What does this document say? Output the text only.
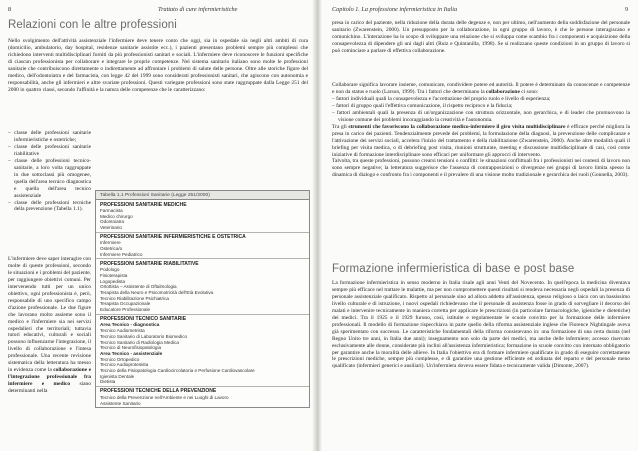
8	Trattato di cure infermieristiche
Relazioni con le altre professioni
Nello svolgimento dell'attività assistenziale l'infermiere deve tenere conto che oggi, sia in ospedale sia negli altri ambiti di cura (domicilio, ambulatorio, day hospital, residenze sanitarie assistite ecc.), i pazienti presentano problemi sempre più complessi che richiedono interventi multidisciplinari forniti da più professionisti sanitari e sociali. L'infermiere deve riconoscere le funzioni specifiche di ciascun professionista per collaborare e integrare le proprie competenze. Nel sistema sanitario italiano sono molte le professioni sanitarie che contribuiscono direttamente o indirettamente ad affrontare i problemi di salute delle persone. Oltre alle storiche figure del medico, dell'odontoiatra e del farmacista, con legge 42 del 1999 sono considerati professionisti sanitari, che agiscono con autonomia e responsabilità, anche gli infermieri e altre svariate professioni. Questi variegate professioni sono state raggruppate dalla Legge 251 del 2000 in quattro classi, secondo l'affinità e la natura delle competenze che le caratterizzano:
– classe delle professioni sanitarie infermieristiche e ostetriche;
– classe delle professioni sanitarie riabilitative
– classe delle professioni tecnico-sanitarie, a loro volta raggruppate in due sottoclassi più omogenee, quella dell'area tecnico diagnostica e quella dell'area tecnico assistenziale
– classe delle professioni tecniche della prevenzione (Tabella 1.1).
L'infermiere deve saper interagire con molte di queste professioni, secondo le situazioni e i problemi del paziente, per raggiungere obiettivi comuni. Per intervenendo tutti per un unico obiettivo, ogni professionista è, però, responsabile di uno specifico campo d'azione professionale. Le due figure che lavorano molto assieme sono il medico e l'infermiere sia nei servizi ospedalieri che territoriali; tuttavia tutori educativi, culturali e sociali possono influenzarne l'integrazione, il livello di collaborazione e l'intesa professionale. Una recente revisione sistematica della letteratura ha messo in evidenza come la collaborazione e l'integrazione professionale fra infermiere e medico siano determinanti nella
Tabella 1.1 Professioni Sanitarie (Legge 251/2000)
PROFESSIONI SANITARIE MEDICHE
Farmacista
Medico chirurgo
Odontoiatra
Veterinario
PROFESSIONI SANITARIE INFERMIERISTICHE E OSTETRICA
Infermiere
Ostetrica/o
Infermiere Pediatrico
PROFESSIONI SANITARIE RIABILITATIVE
Podologo
Fisioterapista
Logopedista
Ortottista – Assistente di Oftalmologia
Terapista della Neuro e Psicomotricità dell'Età Evolutiva
Tecnico Riabilitazione Psichiatrica
Terapista Occupazionale
Educatore Professionale
PROFESSIONI TECNICO SANITARIE
Area Tecnico - diagnostica
Tecnico Audiometrista
Tecnico Sanitario di Laboratorio Biomedico
Tecnico Sanitario di Radiologia Medica
Tecnico di Neurofisiopatologia
Area Tecnico - assistenziale
Tecnico Ortopedico
Tecnico Audioprotesista
Tecnico della Fisiopatologia Cardiocircolatoria e Perfusione Cardiovascolare
Igienista Dentale
Dietista
PROFESSIONI TECNICHE DELLA PREVENZIONE
Tecnico della Prevenzione nell'Ambiente e nei Luoghi di Lavoro
Assistente Sanitario
Capitolo 1. La professione infermieristica in Italia	9
presa in carico del paziente, nella riduzione della durata delle degenze e, non per ultimo, nell'aumento della soddisfazione del personale sanitario (Zwarenstein, 2000). Un presupposto per la collaborazione, in ogni gruppo di lavoro, è che le persone interagiscano e comunichino. L'interazione ha lo scopo di sviluppare una relazione che si sviluppa come scambio fra i componenti e acquisizione della consapevolezza di dipendere gli uni dagli altri (Ruiz e Quintanilla, 1998). Se si realizzano queste condizioni in un gruppo di lavoro si può cominciare a parlare di effettiva collaborazione.
Collaborare significa lavorare insieme, comunicare, condividere potere ed autorità. Il potere è determinato da conoscenze e competenze e non da status e ruolo (Larson, 1999). Tra i fattori che determinano la collaborazione ci sono:
– fattori individuali quali la consapevolezza e l'accettazione del proprio ruolo e livello di esperienza;
– fattori di gruppo quali l'effettiva comunicazione, il rispetto reciproco e la fiducia;
– fattori ambientali quali la presenza di un'organizzazione con struttura orizzontale, non gerarchica, e di leader che promuovono la visione comune dei problemi incoraggiando la creatività e l'autonomia.
Tra gli strumenti che favoriscono la collaborazione medico-infermiere il giro visita multidisciplinare è efficace perché migliora la presa in carico dei pazienti. Tendenzialmente prevede dei problemi, la formulazione della diagnosi, la prevenzione delle complicanze e l'attivazione dei servizi sociali, accelera l'inizio del trattamento e della riabilitazione (Zwarenstein, 2000). Anche altre modalità quali il briefing per visita medica, o di debriefing post visita, riunioni strutturate, meeting e discussione multidisciplinare di casi, così come iniziative di formazione interdisciplinare sono efficaci per uniformare gli approcci di intervento.
Talvolta, tra queste professioni, possono crearsi tensioni o conflitti: le situazioni conflittuali fra i professionisti nei contesti di lavoro non sono sempre negative; la letteratura suggerisce che l'assenza di contrapposizioni o divergenze nei gruppi di lavoro limita spesso la dinamica di dialogo e confronto fra i componenti e il prevalere di una visione molto tradizionale e gerarchica dei ruoli (Gonnella, 2003).
Formazione infermieristica di base e post base
La formazione infermieristica in senso moderno in Italia risale agli anni Venti del Novecento. In quell'epoca la medicina diventava sempre più efficace nel trattare le malattie, ma per non compromettere questi risultati si rendeva necessaria negli ospedali la presenza di personale assistenziale qualificato. Rispetto al personale sino ad allora addetto all'assistenza, spesso religioso o laico con un bassissimo livello culturale e di istruzione, i nuovi ospedali richiedevano che il personale di assistenza fosse in grado di sorvegliare il decorso dei malati e intervenire tecnicamente in maniera corretta per applicare le prescrizioni (in particolare farmacologiche, igieniche e dietetiche) dei medici. Tra il 1925 e il 1929 furono, così, istituite e regolamentate le scuole convitto per la formazione delle infermiere professionali. Il modello di formazione rispecchiava in parte quello della riforma assistenziale inglese che Florence Nightingale aveva già sperimentato con successo. Le caratteristiche fondamentali della riforma consistevano in: una formazione di una certa durata (nel Regno Unito tre anni, in Italia due anni); insegnamento non solo da parte dei medici, ma anche delle infermiere; accesso riservato esclusivamente alle donne, considerate più inclini all'assistenza infermieristica; formazione in scuole convitto con internato obbligatorio per garantire anche la moralità delle allieve. In Italia l'obiettivo era di formare infermiere qualificate in grado di eseguire correttamente le prescrizioni mediche, sempre più complesse, e di garantire una gestione efficiente ed ordinata del reparto e del personale meno qualificato (infermieri generici e ausiliari). Un'infermiera doveva essere fidata e tecnicamente valida (Dimonte, 2007).
